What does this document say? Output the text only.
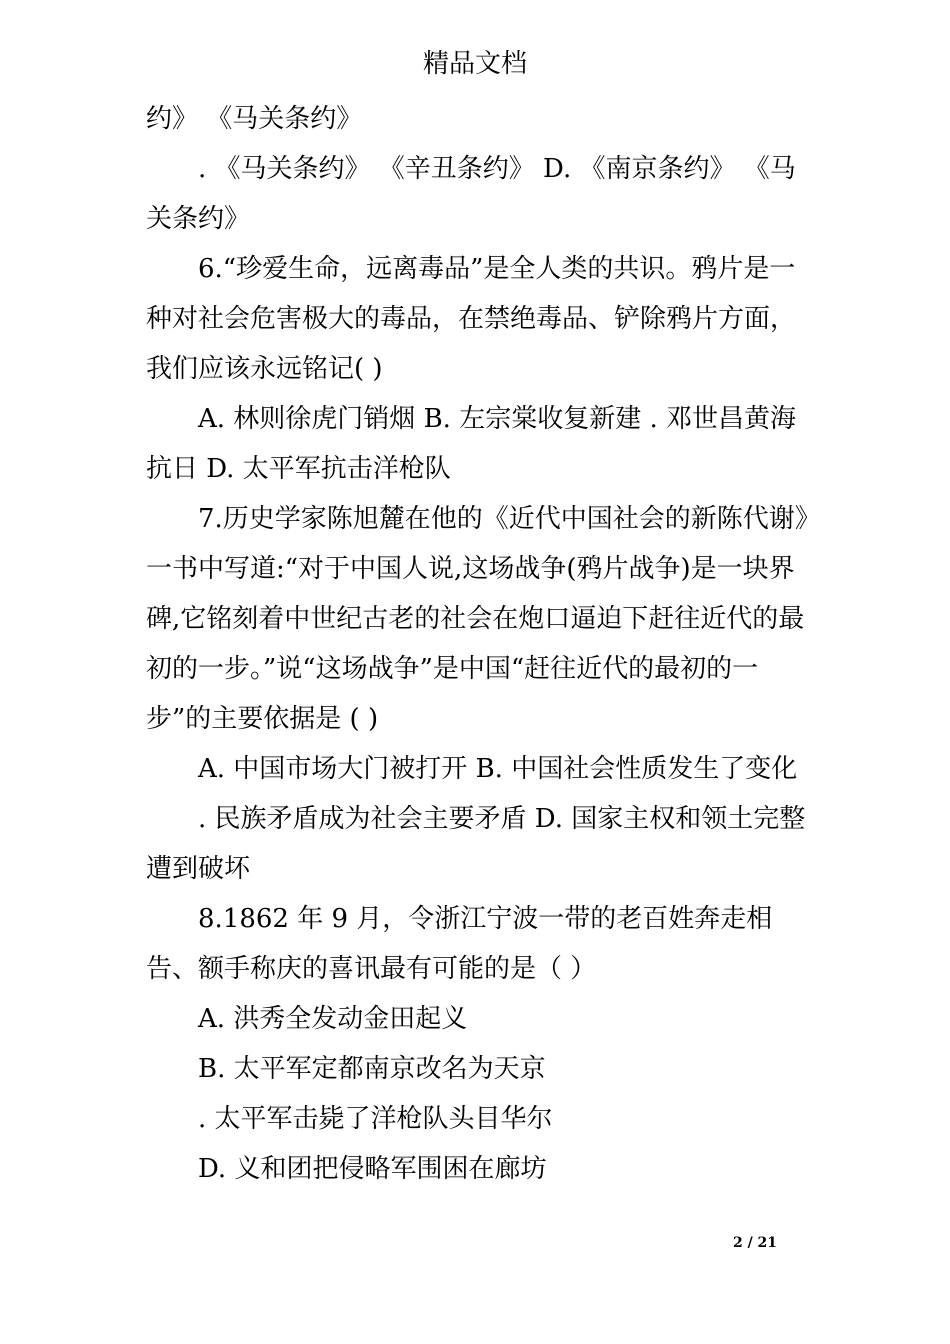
精品文档

约》 《马关条约》

. 《马关条约》 《辛丑条约》 D. 《南京条约》 《马关条约》

6.“珍爱生命，远离毒品”是全人类的共识。鸦片是一种对社会危害极大的毒品，在禁绝毒品、铲除鸦片方面，我们应该永远铭记( )

A. 林则徐虎门销烟 B. 左宗棠收复新建 . 邓世昌黄海抗日 D. 太平军抗击洋枪队

7.历史学家陈旭麓在他的《近代中国社会的新陈代谢》一书中写道:“对于中国人说,这场战争(鸦片战争)是一块界碑,它铭刻着中世纪古老的社会在炮口逼迫下赶往近代的最初的一步。”说“这场战争”是中国“赶往近代的最初的一步”的主要依据是 ( )

A. 中国市场大门被打开 B. 中国社会性质发生了变化

. 民族矛盾成为社会主要矛盾 D. 国家主权和领土完整遭到破坏

8.1862 年 9 月，令浙江宁波一带的老百姓奔走相告、额手称庆的喜讯最有可能的是（ ）

A. 洪秀全发动金田起义

B. 太平军定都南京改名为天京

. 太平军击毙了洋枪队头目华尔

D. 义和团把侵略军围困在廊坊

2 / 21
